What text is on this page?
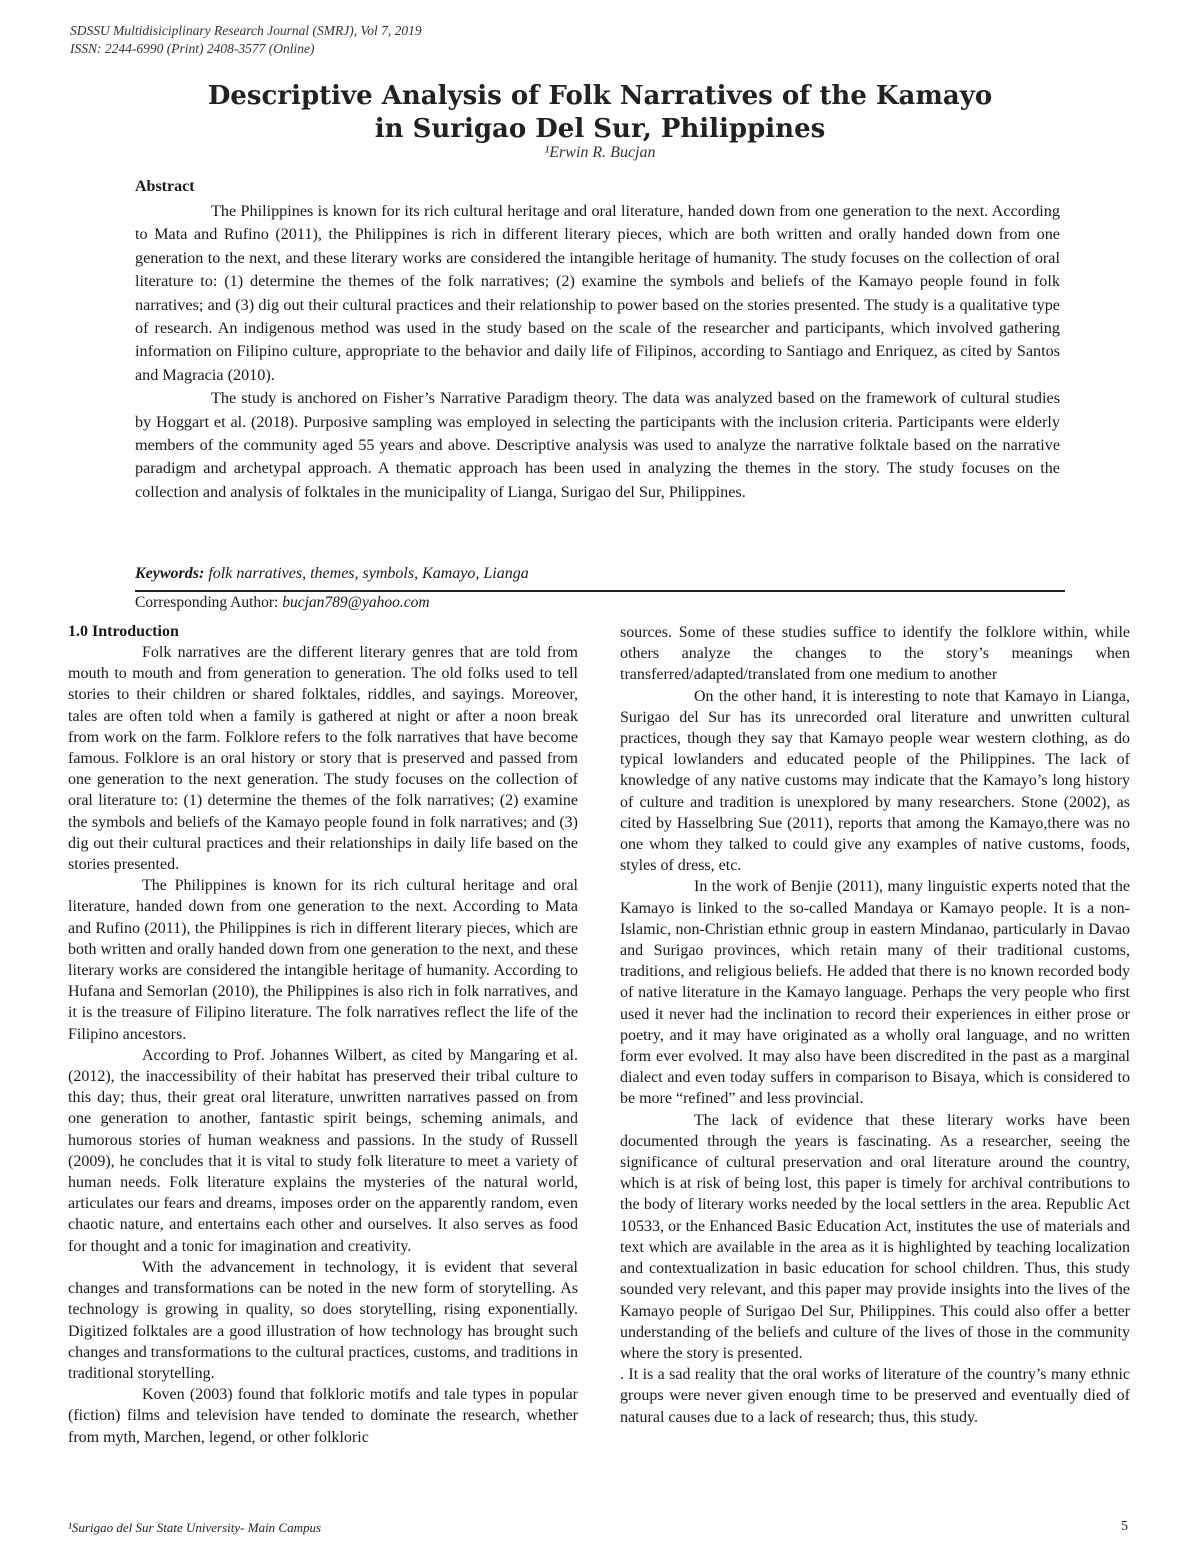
SDSSU Multidisiciplinary Research Journal (SMRJ), Vol 7, 2019
ISSN: 2244-6990 (Print) 2408-3577 (Online)
Descriptive Analysis of Folk Narratives of the Kamayo
in Surigao Del Sur, Philippines
¹Erwin R. Bucjan
Abstract

The Philippines is known for its rich cultural heritage and oral literature, handed down from one generation to the next. According to Mata and Rufino (2011), the Philippines is rich in different literary pieces, which are both written and orally handed down from one generation to the next, and these literary works are considered the intangible heritage of humanity. The study focuses on the collection of oral literature to: (1) determine the themes of the folk narratives; (2) examine the symbols and beliefs of the Kamayo people found in folk narratives; and (3) dig out their cultural practices and their relationship to power based on the stories presented. The study is a qualitative type of research. An indigenous method was used in the study based on the scale of the researcher and participants, which involved gathering information on Filipino culture, appropriate to the behavior and daily life of Filipinos, according to Santiago and Enriquez, as cited by Santos and Magracia (2010).

The study is anchored on Fisher’s Narrative Paradigm theory. The data was analyzed based on the framework of cultural studies by Hoggart et al. (2018). Purposive sampling was employed in selecting the participants with the inclusion criteria. Participants were elderly members of the community aged 55 years and above. Descriptive analysis was used to analyze the narrative folktale based on the narrative paradigm and archetypal approach. A thematic approach has been used in analyzing the themes in the story. The study focuses on the collection and analysis of folktales in the municipality of Lianga, Surigao del Sur, Philippines.

Keywords: folk narratives, themes, symbols, Kamayo, Lianga
Corresponding Author: bucjan789@yahoo.com
1.0 Introduction

Folk narratives are the different literary genres that are told from mouth to mouth and from generation to generation. The old folks used to tell stories to their children or shared folktales, riddles, and sayings. Moreover, tales are often told when a family is gathered at night or after a noon break from work on the farm. Folklore refers to the folk narratives that have become famous. Folklore is an oral history or story that is preserved and passed from one generation to the next generation. The study focuses on the collection of oral literature to: (1) determine the themes of the folk narratives; (2) examine the symbols and beliefs of the Kamayo people found in folk narratives; and (3) dig out their cultural practices and their relationships in daily life based on the stories presented.

The Philippines is known for its rich cultural heritage and oral literature, handed down from one generation to the next. According to Mata and Rufino (2011), the Philippines is rich in different literary pieces, which are both written and orally handed down from one generation to the next, and these literary works are considered the intangible heritage of humanity. According to Hufana and Semorlan (2010), the Philippines is also rich in folk narratives, and it is the treasure of Filipino literature. The folk narratives reflect the life of the Filipino ancestors.

According to Prof. Johannes Wilbert, as cited by Mangaring et al. (2012), the inaccessibility of their habitat has preserved their tribal culture to this day; thus, their great oral literature, unwritten narratives passed on from one generation to another, fantastic spirit beings, scheming animals, and humorous stories of human weakness and passions. In the study of Russell (2009), he concludes that it is vital to study folk literature to meet a variety of human needs. Folk literature explains the mysteries of the natural world, articulates our fears and dreams, imposes order on the apparently random, even chaotic nature, and entertains each other and ourselves. It also serves as food for thought and a tonic for imagination and creativity.

With the advancement in technology, it is evident that several changes and transformations can be noted in the new form of storytelling. As technology is growing in quality, so does storytelling, rising exponentially. Digitized folktales are a good illustration of how technology has brought such changes and transformations to the cultural practices, customs, and traditions in traditional storytelling.

Koven (2003) found that folkloric motifs and tale types in popular (fiction) films and television have tended to dominate the research, whether from myth, Marchen, legend, or other folkloric

sources. Some of these studies suffice to identify the folklore within, while others analyze the changes to the story’s meanings when transferred/adapted/translated from one medium to another

On the other hand, it is interesting to note that Kamayo in Lianga, Surigao del Sur has its unrecorded oral literature and unwritten cultural practices, though they say that Kamayo people wear western clothing, as do typical lowlanders and educated people of the Philippines. The lack of knowledge of any native customs may indicate that the Kamayo’s long history of culture and tradition is unexplored by many researchers. Stone (2002), as cited by Hasselbring Sue (2011), reports that among the Kamayo,there was no one whom they talked to could give any examples of native customs, foods, styles of dress, etc.

In the work of Benjie (2011), many linguistic experts noted that the Kamayo is linked to the so-called Mandaya or Kamayo people. It is a non-Islamic, non-Christian ethnic group in eastern Mindanao, particularly in Davao and Surigao provinces, which retain many of their traditional customs, traditions, and religious beliefs. He added that there is no known recorded body of native literature in the Kamayo language. Perhaps the very people who first used it never had the inclination to record their experiences in either prose or poetry, and it may have originated as a wholly oral language, and no written form ever evolved. It may also have been discredited in the past as a marginal dialect and even today suffers in comparison to Bisaya, which is considered to be more “refined” and less provincial.

The lack of evidence that these literary works have been documented through the years is fascinating. As a researcher, seeing the significance of cultural preservation and oral literature around the country, which is at risk of being lost, this paper is timely for archival contributions to the body of literary works needed by the local settlers in the area. Republic Act 10533, or the Enhanced Basic Education Act, institutes the use of materials and text which are available in the area as it is highlighted by teaching localization and contextualization in basic education for school children. Thus, this study sounded very relevant, and this paper may provide insights into the lives of the Kamayo people of Surigao Del Sur, Philippines. This could also offer a better understanding of the beliefs and culture of the lives of those in the community where the story is presented.

. It is a sad reality that the oral works of literature of the country’s many ethnic groups were never given enough time to be preserved and eventually died of natural causes due to a lack of research; thus, this study.

¹Surigao del Sur State University- Main Campus	5
